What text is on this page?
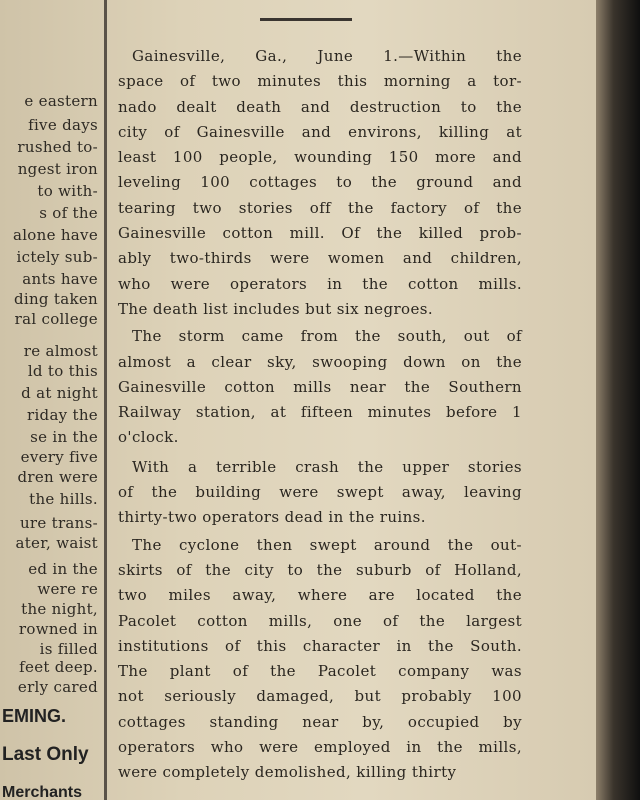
e eastern
five days
rushed to-
ngest iron
to with-
s of the
alone have
ictely sub-
ants have
ding taken
ral college
re almost
ld to this
d at night
riday the
se in the
every five
dren were
the hills.
ure trans-
ater, waist
ed in the
were re
the night,
rowned in
is filled
feet deep.
erly cared
EMING.
Last Only
Merchants
Gainesville, Ga., June 1.—Within the
space of two minutes this morning a tor-
nado dealt death and destruction to the
city of Gainesville and environs, killing at
least 100 people, wounding 150 more and
leveling 100 cottages to the ground and
tearing two stories off the factory of the
Gainesville cotton mill. Of the killed prob-
ably two-thirds were women and children,
who were operators in the cotton mills.
The death list includes but six negroes.
The storm came from the south, out of
almost a clear sky, swooping down on the
Gainesville cotton mills near the Southern
Railway station, at fifteen minutes before 1
o'clock.
With a terrible crash the upper stories
of the building were swept away, leaving
thirty-two operators dead in the ruins.
The cyclone then swept around the out-
skirts of the city to the suburb of Holland,
two miles away, where are located the
Pacolet cotton mills, one of the largest
institutions of this character in the South.
The plant of the Pacolet company was
not seriously damaged, but probably 100
cottages standing near by, occupied by
operators who were employed in the mills,
were completely demolished, killing thirty
